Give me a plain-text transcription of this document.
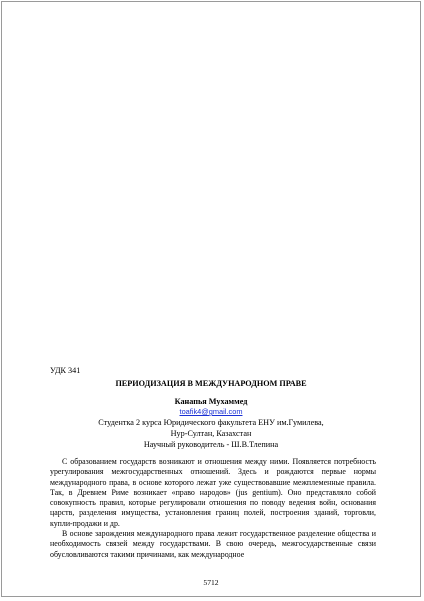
УДК 341
ПЕРИОДИЗАЦИЯ В МЕЖДУНАРОДНОМ ПРАВЕ
Канапья Мухаммед
toafik4@gmail.com
Студентка 2 курса Юридического факультета ЕНУ им.Гумилева,
Нур-Султан, Казахстан
Научный руководитель - Ш.В.Тлепина
С образованием государств возникают и отношения между ними. Появляется потребность урегулирования межгосударственных отношений. Здесь и рождаются первые нормы международного права, в основе которого лежат уже существовавшие межплеменные правила. Так, в Древнем Риме возникает «право народов» (jus gentium). Оно представляло собой совокупность правил, которые регулировали отношения по поводу ведения войн, основания царств, разделения имущества, установления границ полей, построения зданий, торговли, купли-продажи и др.
В основе зарождения международного права лежит государственное разделение общества и необходимость связей между государствами. В свою очередь, межгосударственные связи обусловливаются такими причинами, как международное
5712
